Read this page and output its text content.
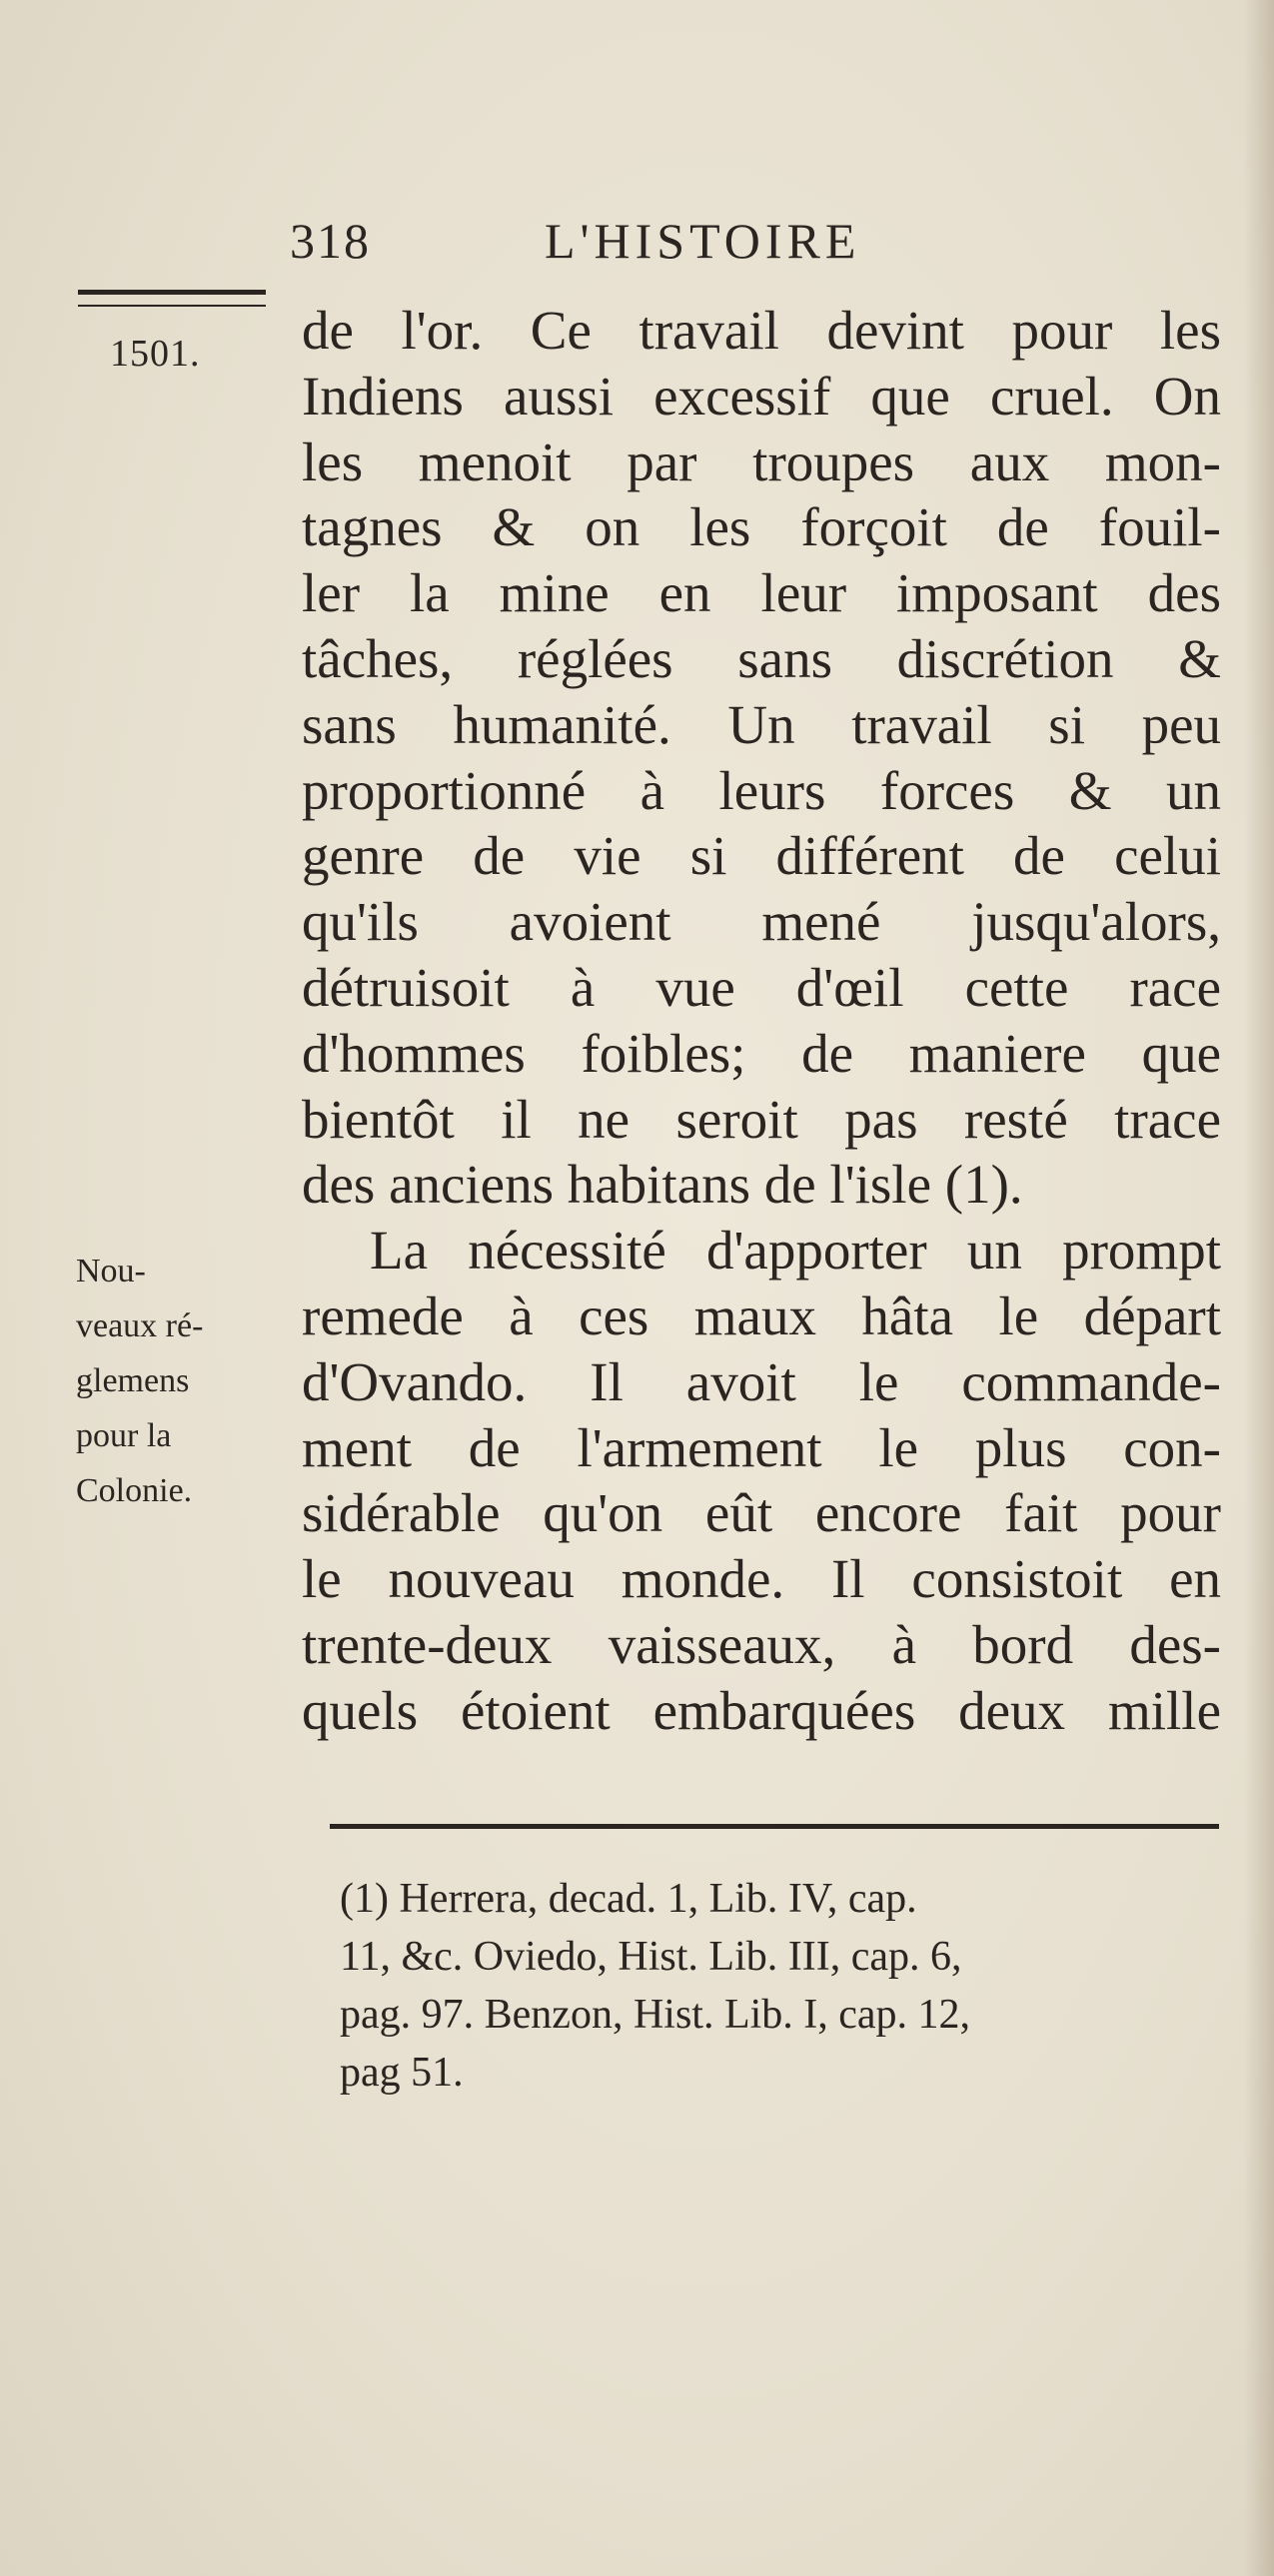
318	L'HISTOIRE
1501. de l'or. Ce travail devint pour les
Indiens aussi excessif que cruel. On
les menoit par troupes aux mon-
tagnes & on les forçoit de fouil-
ler la mine en leur imposant des
tâches, réglées sans discrétion &
sans humanité. Un travail si peu
proportionné à leurs forces & un
genre de vie si différent de celui
qu'ils avoient mené jusqu'alors,
détruisoit à vue d'œil cette race
d'hommes foibles; de maniere que
bientôt il ne seroit pas resté trace
des anciens habitans de l'isle (1).
La nécessité d'apporter un prompt
remede à ces maux hâta le départ
d'Ovando. Il avoit le commande-
ment de l'armement le plus con-
sidérable qu'on eût encore fait pour
le nouveau monde. Il consistoit en
trente-deux vaisseaux, à bord des-
quels étoient embarquées deux mille
Nou-
veaux ré-
glemens
pour la
Colonie.
(1) Herrera, decad. 1, Lib. IV, cap.
11, &c. Oviedo, Hist. Lib. III, cap. 6,
pag. 97. Benzon, Hist. Lib. I, cap. 12,
pag 51.
